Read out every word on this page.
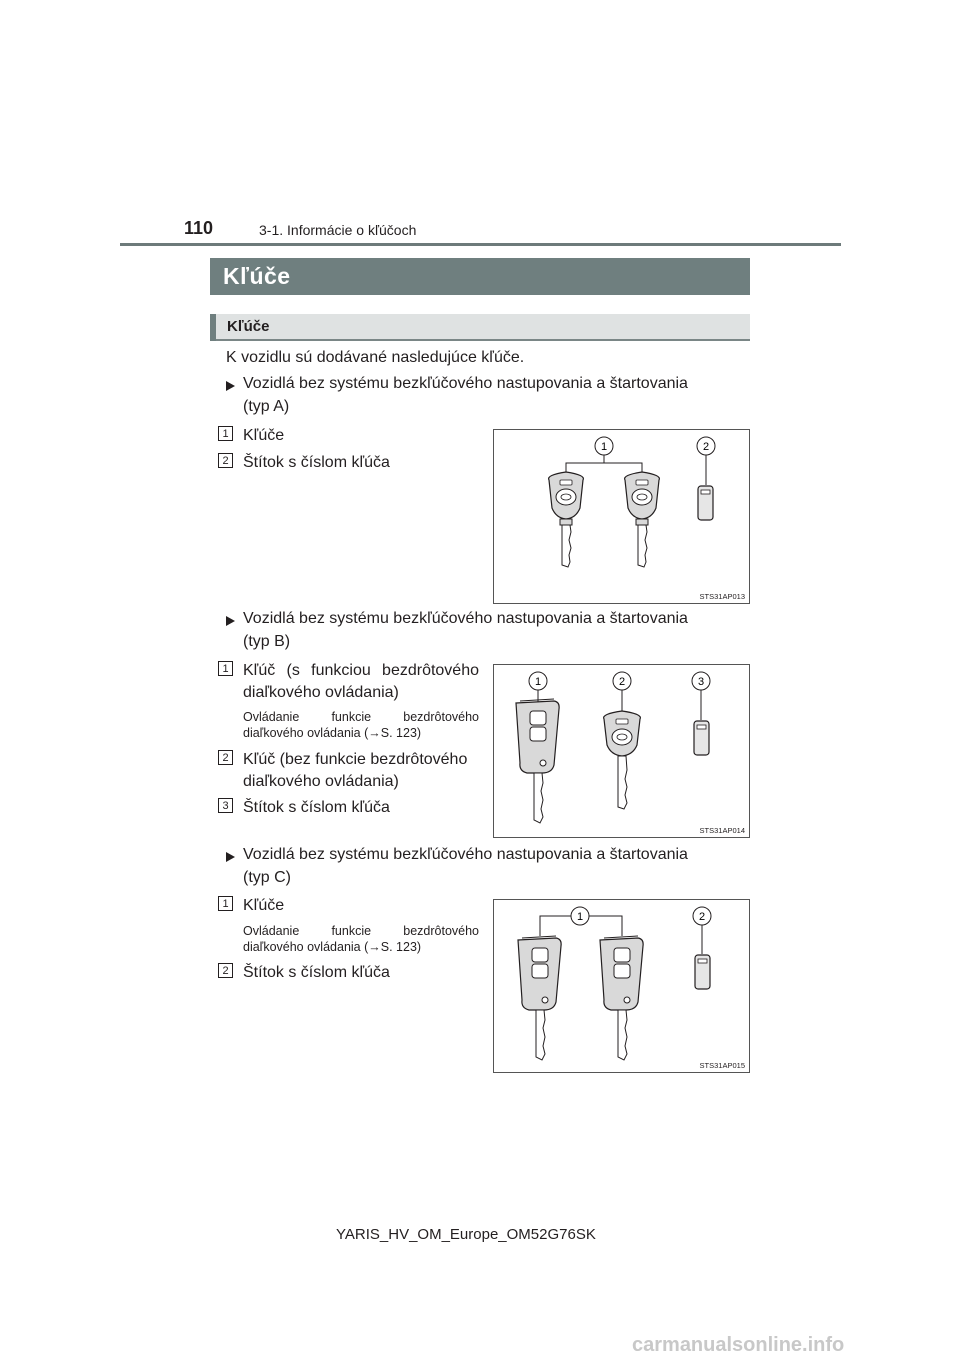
110	3-1. Informácie o kľúčoch
Kľúče
Kľúče
K vozidlu sú dodávané nasledujúce kľúče.
Vozidlá bez systému bezkľúčového nastupovania a štartovania
(typ A)
1 Kľúče
2 Štítok s číslom kľúča
1	2
STS31AP013
Vozidlá bez systému bezkľúčového nastupovania a štartovania
(typ B)
1 Kľúč (s funkciou bezdrôtového
diaľkového ovládania)
Ovládanie funkcie bezdrôtového
diaľkového ovládania (→S. 123)
2 Kľúč (bez funkcie bezdrôtového
diaľkového ovládania)
3 Štítok s číslom kľúča
1	2	3
STS31AP014
Vozidlá bez systému bezkľúčového nastupovania a štartovania
(typ C)
1 Kľúče
Ovládanie funkcie bezdrôtového
diaľkového ovládania (→S. 123)
2 Štítok s číslom kľúča
1	2
STS31AP015
YARIS_HV_OM_Europe_OM52G76SK
carmanualsonline.info
